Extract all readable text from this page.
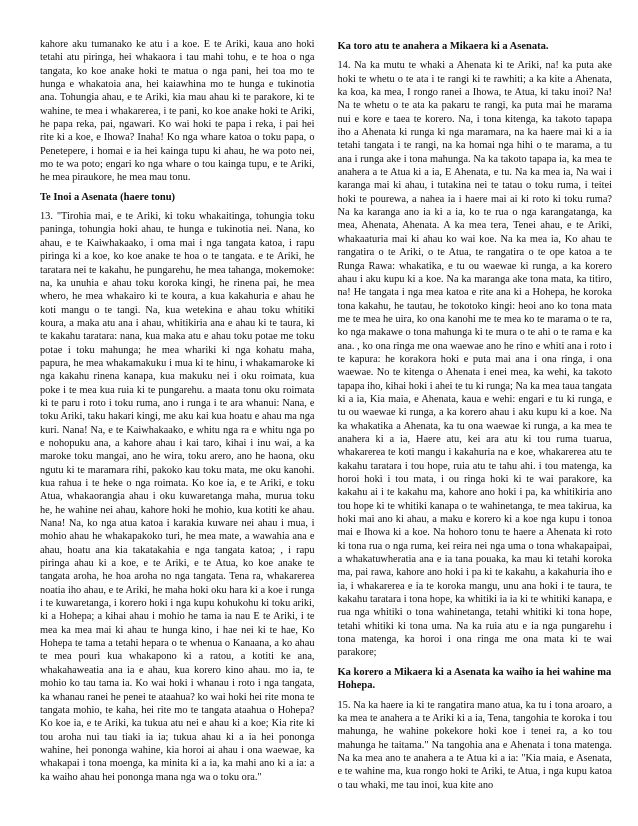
kahore aku tumanako ke atu i a koe. E te Ariki, kaua ano hoki tetahi atu piringa, hei whakaora i tau mahi tohu, e te hoa o nga tangata, ko koe anake hoki te matua o nga pani, hei toa mo te hunga e whakatoia ana, hei kaiawhina mo te hunga e tukinotia ana. Tohungia ahau, e te Ariki, kia mau ahau ki te parakore, ki te wahine, te mea i whakarerea, i te pani, ko koe anake hoki te Ariki, he papa reka, pai, ngawari. Ko wai hoki te papa i reka, i pai hei rite ki a koe, e Ihowa? Inaha! Ko nga whare katoa o toku papa, o Penetepere, i homai e ia hei kainga tupu ki ahau, he wa poto nei, mo te wa poto; engari ko nga whare o tou kainga tupu, e te Ariki, he mea piraukore, he mea mau tonu.

Te Inoi a Asenata (haere tonu)

13. "Tirohia mai, e te Ariki, ki toku whakaitinga, tohungia toku paninga, tohungia hoki ahau, te hunga e tukinotia nei. Nana, ko ahau, e te Kaiwhakaako, i oma mai i nga tangata katoa, i rapu piringa ki a koe, ko koe anake te hoa o te tangata. e te Ariki, he taratara nei te kakahu, he pungarehu, he mea tahanga, mokemoke: na, ka unuhia e ahau toku koroka kingi, he rinena pai, he mea whero, he mea whakairo ki te koura, a kua kakahuria e ahau he koti mangu o te tangi. Na, kua wetekina e ahau toku whitiki koura, a maka atu ana i ahau, whitikiria ana e ahau ki te taura, ki te kakahu taratara: nana, kua maka atu e ahau toku potae me toku potae i toku mahunga; he mea whariki ki nga kohatu maha, papura, he mea whakamakuku i mua ki te hinu, i whakamaroke ki nga kakahu rinena kanapa, kua makuku nei i oku roimata, kua poke i te mea kua ruia ki te pungarehu. a maata tonu oku roimata ki te paru i roto i toku ruma, ano i runga i te ara whanui: Nana, e toku Ariki, taku hakari kingi, me aku kai kua hoatu e ahau ma nga kuri. Nana! Na, e te Kaiwhakaako, e whitu nga ra e whitu nga po e nohopuku ana, a kahore ahau i kai taro, kihai i inu wai, a ka maroke toku mangai, ano he wira, toku arero, ano he haona, oku ngutu ki te maramara rihi, pakoko kau toku mata, me oku kanohi. kua rahua i te heke o nga roimata. Ko koe ia, e te Ariki, e toku Atua, whakaorangia ahau i oku kuwaretanga maha, murua toku he, he wahine nei ahau, kahore hoki he mohio, kua kotiti ke ahau. Nana! Na, ko nga atua katoa i karakia kuware nei ahau i mua, i mohio ahau he whakapakoko turi, he mea mate, a wawahia ana e ahau, hoatu ana kia takatakahia e nga tangata katoa; , i rapu piringa ahau ki a koe, e te Ariki, e te Atua, ko koe anake te tangata aroha, he hoa aroha no nga tangata. Tena ra, whakarerea noatia iho ahau, e te Ariki, he maha hoki oku hara ki a koe i runga i te kuwaretanga, i korero hoki i nga kupu kohukohu ki toku ariki, ki a Hohepa; a kihai ahau i mohio he tama ia nau E te Ariki, i te mea ka mea mai ki ahau te hunga kino, i hae nei ki te hae, Ko Hohepa te tama a tetahi hepara o te whenua o Kanaana, a ko ahau te mea pouri kua whakapono ki a ratou, a kotiti ke ana, whakahaweatia ana ia e ahau, kua korero kino ahau. mo ia, te mohio ko tau tama ia. Ko wai hoki i whanau i roto i nga tangata, ka whanau ranei he penei te ataahua? ko wai hoki hei rite mona te tangata mohio, te kaha, hei rite mo te tangata ataahua o Hohepa? Ko koe ia, e te Ariki, ka tukua atu nei e ahau ki a koe; Kia rite ki tou aroha nui tau tiaki ia ia; tukua ahau ki a ia hei pononga wahine, hei pononga wahine, kia horoi ai ahau i ona waewae, ka whakapai i tona moenga, ka minita ki a ia, ka mahi ano ki a ia: a ka waiho ahau hei pononga mana nga wa o toku ora."

Ka toro atu te anahera a Mikaera ki a Asenata.

14. Na ka mutu te whaki a Ahenata ki te Ariki, na! ka puta ake hoki te whetu o te ata i te rangi ki te rawhiti; a ka kite a Ahenata, ka koa, ka mea, I rongo ranei a Ihowa, te Atua, ki taku inoi? Na! Na te whetu o te ata ka pakaru te rangi, ka puta mai he marama nui e kore e taea te korero. Na, i tona kitenga, ka takoto tapapa iho a Ahenata ki runga ki nga maramara, na ka haere mai ki a ia tetahi tangata i te rangi, na ka homai nga hihi o te marama, a tu ana i runga ake i tona mahunga. Na ka takoto tapapa ia, ka mea te anahera a te Atua ki a ia, E Ahenata, e tu. Na ka mea ia, Na wai i karanga mai ki ahau, i tutakina nei te tatau o toku ruma, i teitei hoki te pourewa, a nahea ia i haere mai ai ki roto ki toku ruma? Na ka karanga ano ia ki a ia, ko te rua o nga karangatanga, ka mea, Ahenata, Ahenata. A ka mea tera, Tenei ahau, e te Ariki, whakaaturia mai ki ahau ko wai koe. Na ka mea ia, Ko ahau te rangatira o te Ariki, o te Atua, te rangatira o te ope katoa a te Runga Rawa: whakatika, e tu ou waewae ki runga, a ka korero ahau i aku kupu ki a koe. Na ka maranga ake tona mata, ka titiro, na! He tangata i nga mea katoa e rite ana ki a Hohepa, he koroka tona kakahu, he tautau, he tokotoko kingi: heoi ano ko tona mata me te mea he uira, ko ona kanohi me te mea ko te marama o te ra, ko nga makawe o tona mahunga ki te mura o te ahi o te rama e ka ana. , ko ona ringa me ona waewae ano he rino e whiti ana i roto i te kapura: he korakora hoki e puta mai ana i ona ringa, i ona waewae. No te kitenga o Ahenata i enei mea, ka wehi, ka takoto tapapa iho, kihai hoki i ahei te tu ki runga; Na ka mea taua tangata ki a ia, Kia maia, e Ahenata, kaua e wehi: engari e tu ki runga, e tu ou waewae ki runga, a ka korero ahau i aku kupu ki a koe. Na ka whakatika a Ahenata, ka tu ona waewae ki runga, a ka mea te anahera ki a ia, Haere atu, kei ara atu ki tou ruma tuarua, whakarerea te koti mangu i kakahuria na e koe, whakarerea atu te kakahu taratara i tou hope, ruia atu te tahu ahi. i tou matenga, ka horoi hoki i tou mata, i ou ringa hoki ki te wai parakore, ka kakahu ai i te kakahu ma, kahore ano hoki i pa, ka whitikiria ano tou hope ki te whitiki kanapa o te wahinetanga, te mea takirua, ka hoki mai ano ki ahau, a maku e korero ki a koe nga kupu i tonoa mai e Ihowa ki a koe. Na hohoro tonu te haere a Ahenata ki roto ki tona rua o nga ruma, kei reira nei nga uma o tona whakapaipai, a whakatuwheratia ana e ia tana pouaka, ka mau ki tetahi koroka ma, pai rawa, kahore ano hoki i pa ki te kakahu, a kakahuria iho e ia, i whakarerea e ia te koroka mangu, unu ana hoki i te taura, te kakahu taratara i tona hope, ka whitiki ia ia ki te whitiki kanapa, e rua nga whitiki o tona wahinetanga, tetahi whitiki ki tona hope, tetahi whitiki ki tona uma. Na ka ruia atu e ia nga pungarehu i tona matenga, ka horoi i ona ringa me ona mata ki te wai parakore;

Ka korero a Mikaera ki a Asenata ka waiho ia hei wahine ma Hohepa.

15. Na ka haere ia ki te rangatira mano atua, ka tu i tona aroaro, a ka mea te anahera a te Ariki ki a ia, Tena, tangohia te koroka i tou mahunga, he wahine pokekore hoki koe i tenei ra, a ko tou mahunga he taitama." Na tangohia ana e Ahenata i tona matenga. Na ka mea ano te anahera a te Atua ki a ia: "Kia maia, e Asenata, e te wahine ma, kua rongo hoki te Ariki, te Atua, i nga kupu katoa o tau whaki, me tau inoi, kua kite ano
